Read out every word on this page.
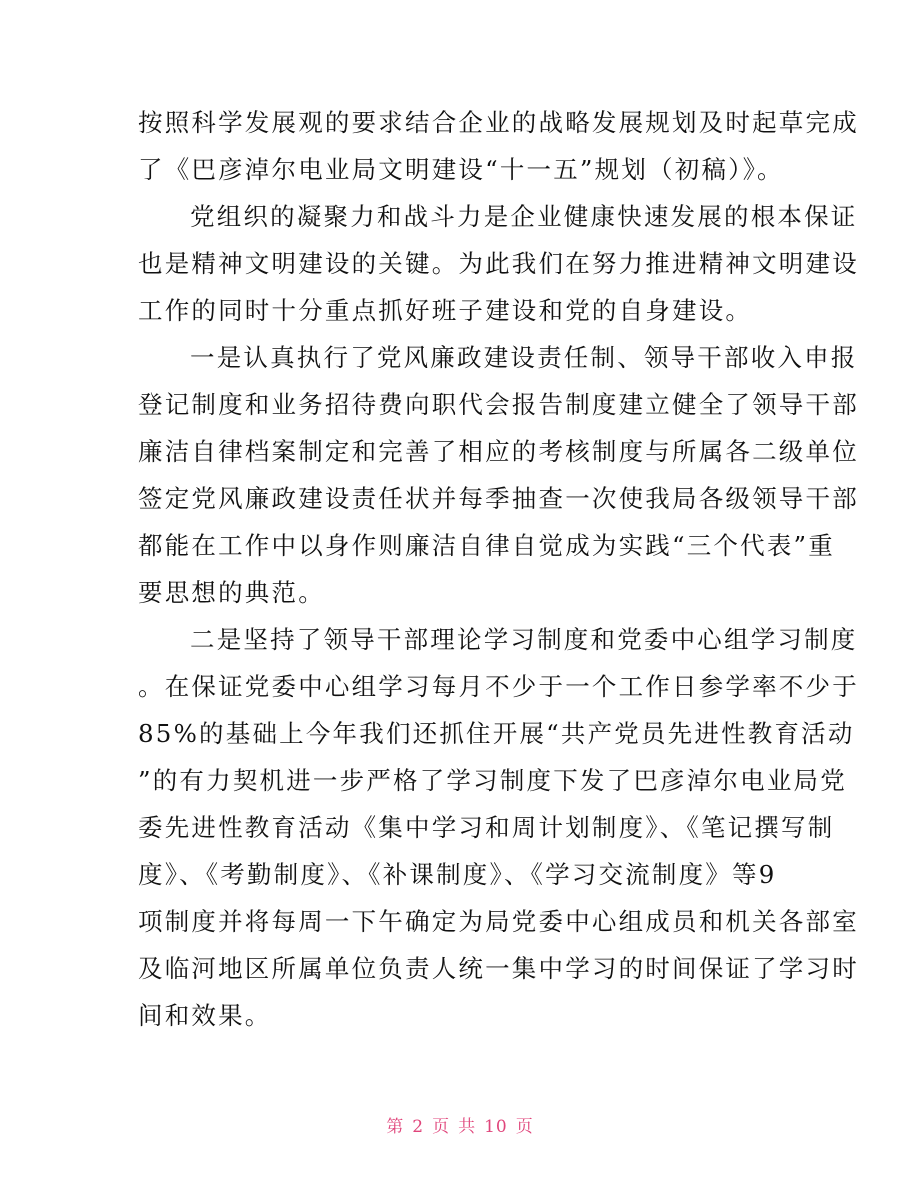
按照科学发展观的要求结合企业的战略发展规划及时起草完成
了《巴彦淖尔电业局文明建设“十一五”规划（初稿）》。
党组织的凝聚力和战斗力是企业健康快速发展的根本保证
也是精神文明建设的关键。为此我们在努力推进精神文明建设
工作的同时十分重点抓好班子建设和党的自身建设。
一是认真执行了党风廉政建设责任制、领导干部收入申报
登记制度和业务招待费向职代会报告制度建立健全了领导干部
廉洁自律档案制定和完善了相应的考核制度与所属各二级单位
签定党风廉政建设责任状并每季抽查一次使我局各级领导干部
都能在工作中以身作则廉洁自律自觉成为实践“三个代表”重
要思想的典范。
二是坚持了领导干部理论学习制度和党委中心组学习制度
。在保证党委中心组学习每月不少于一个工作日参学率不少于
85%的基础上今年我们还抓住开展“共产党员先进性教育活动
”的有力契机进一步严格了学习制度下发了巴彦淖尔电业局党
委先进性教育活动《集中学习和周计划制度》、《笔记撰写制
度》、《考勤制度》、《补课制度》、《学习交流制度》等9
项制度并将每周一下午确定为局党委中心组成员和机关各部室
及临河地区所属单位负责人统一集中学习的时间保证了学习时
间和效果。
第 2 页 共 10 页
